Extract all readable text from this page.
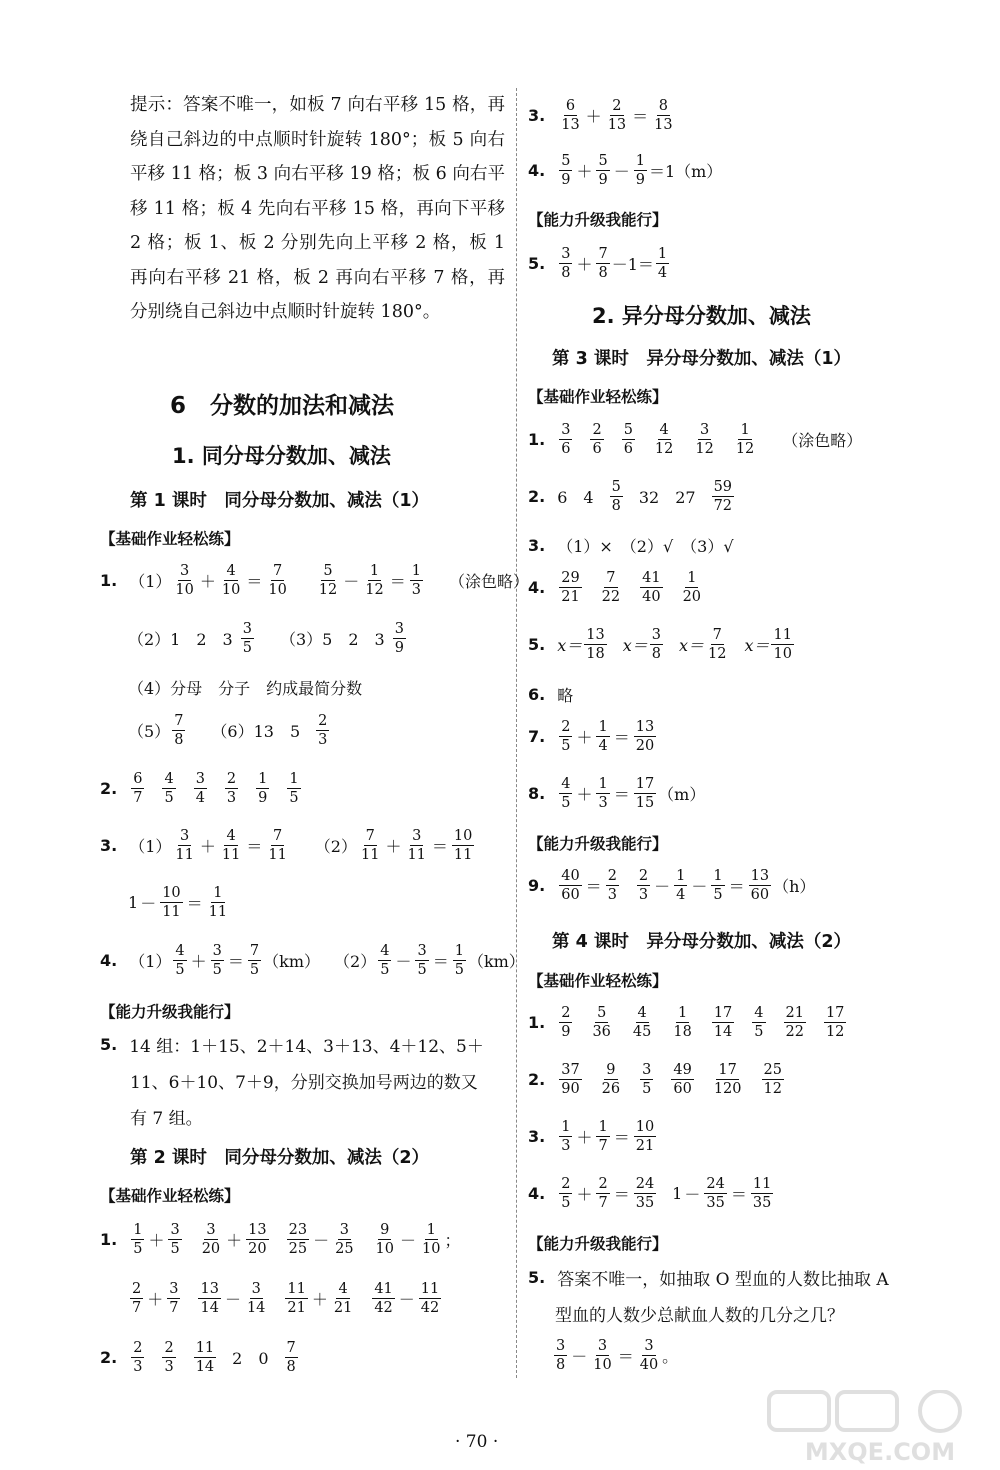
提示：答案不唯一，如板 7 向右平移 15 格，再绕自己斜边的中点顺时针旋转 180°；板 5 向右平移 11 格；板 3 向右平移 19 格；板 6 向右平移 11 格；板 4 先向右平移 15 格，再向下平移 2 格；板 1、板 2 分别先向上平移 2 格，板 1 再向右平移 21 格，板 2 再向右平移 7 格，再分别绕自己斜边中点顺时针旋转 180°。
6 分数的加法和减法
1. 同分母分数加、减法
第 1 课时　同分母分数加、减法（1）
【基础作业轻松练】
1. $(1) \frac{3}{10} + \frac{4}{10} = \frac{7}{10} \frac{5}{12} - \frac{1}{12} = \frac{1}{3}$ （涂色略）
（2）1　2　$3 \frac{3}{5} (3)5$　2　$3 \frac{3}{9}$
（4）分母　分子　约成最简分数
$(5) \frac{7}{8} (6)13$　$5 \frac{2}{3}$
2. $\frac{6}{7} \frac{4}{5} \frac{3}{4} \frac{2}{3} \frac{1}{9} \frac{1}{5}$
3. $(1) \frac{3}{11} + \frac{4}{11} = \frac{7}{11} (2) \frac{7}{11} + \frac{3}{11} = \frac{10}{11}$
$1 - \frac{10}{11} = \frac{1}{11}$
4. $(1) \frac{4}{5} + \frac{3}{5} = \frac{7}{5} (km)$ $(2) \frac{4}{5} - \frac{3}{5} = \frac{1}{5} (km)$
【能力升级我能行】
5. 14 组：1＋15、2＋14、3＋13、4＋12、5＋
11、6＋10、7＋9，分别交换加号两边的数又
有 7 组。
第 2 课时　同分母分数加、减法（2）
【基础作业轻松练】
1. $\frac{1}{5} + \frac{3}{5} \frac{3}{20} + \frac{13}{20} \frac{23}{25} - \frac{3}{25} \frac{9}{10} - \frac{1}{10}$ ；
$\frac{2}{7} + \frac{3}{7} \frac{13}{14} - \frac{3}{14} \frac{11}{21} + \frac{4}{21} \frac{41}{42} - \frac{11}{42}$
2. $\frac{2}{3} \frac{2}{3} \frac{11}{14} 2$　$0 \frac{7}{8}$
3. $\frac{6}{13} + \frac{2}{13} = \frac{8}{13}$
4. $\frac{5}{9} + \frac{5}{9} - \frac{1}{9} =1(m)$
【能力升级我能行】
5. $\frac{3}{8} + \frac{7}{8} -1= \frac{1}{4}$
2. 异分母分数加、减法
第 3 课时　异分母分数加、减法（1）
【基础作业轻松练】
1. $\frac{3}{6} \frac{2}{6} \frac{5}{6} \frac{4}{12} \frac{3}{12} \frac{1}{12}$ （涂色略）
2. 6　$4 \frac{5}{8} 32$　$27 \frac{59}{72}$
3. （1）×　（2）√　（3）√
4. $\frac{29}{21} \frac{7}{22} \frac{41}{40} \frac{1}{20}$
5. $x= \frac{13}{18} x= \frac{3}{8} x= \frac{7}{12} x= \frac{11}{10}$
6. 略
7. $\frac{2}{5} + \frac{1}{4} = \frac{13}{20}$
8. $\frac{4}{5} + \frac{1}{3} = \frac{17}{15} (m)$
【能力升级我能行】
9. $\frac{40}{60} = \frac{2}{3} \frac{2}{3} - \frac{1}{4} - \frac{1}{5} = \frac{13}{60} (h)$
第 4 课时　异分母分数加、减法（2）
【基础作业轻松练】
1. $\frac{2}{9} \frac{5}{36} \frac{4}{45} \frac{1}{18} \frac{17}{14} \frac{4}{5} \frac{21}{22} \frac{17}{12}$
2. $\frac{37}{90} \frac{9}{26} \frac{3}{5} \frac{49}{60} \frac{17}{120} \frac{25}{12}$
3. $\frac{1}{3} + \frac{1}{7} = \frac{10}{21}$
4. $\frac{2}{5} + \frac{2}{7} = \frac{24}{35} 1 - \frac{24}{35} = \frac{11}{35}$
【能力升级我能行】
5. 答案不唯一，如抽取 O 型血的人数比抽取 A
型血的人数少总献血人数的几分之几？
$\frac{3}{8} - \frac{3}{10} = \frac{3}{40}$ 。
· 70 ·	MXQE.COM
